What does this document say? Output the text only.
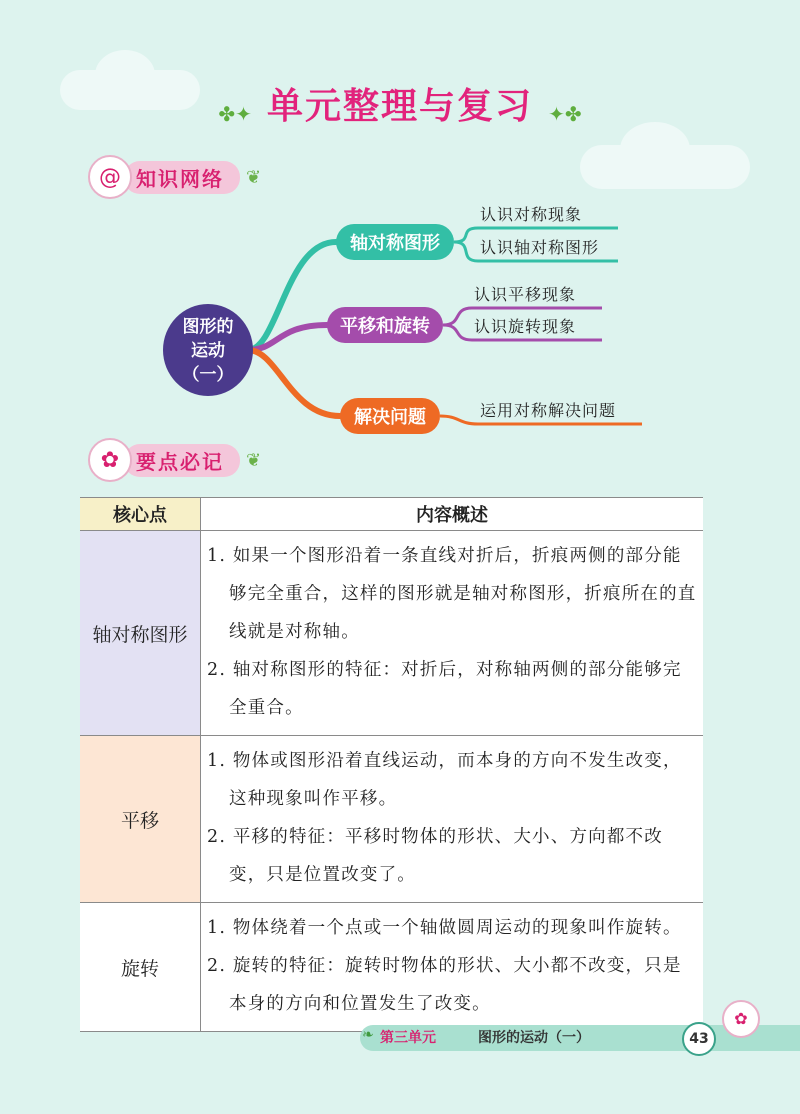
✤✦ 单元整理与复习 ✦✤
@ 知识网络	❦
图形的
运动
（一）
轴对称图形
认识对称现象
认识轴对称图形
平移和旋转
认识平移现象
认识旋转现象
解决问题	运用对称解决问题
✿ 要点必记	❦
核心点	内容概述
轴对称图形	1. 如果一个图形沿着一条直线对折后，折痕两侧的部分能够完全重合，这样的图形就是轴对称图形，折痕所在的直线就是对称轴。
2. 轴对称图形的特征：对折后，对称轴两侧的部分能够完全重合。

平移	1. 物体或图形沿着直线运动，而本身的方向不发生改变，这种现象叫作平移。
2. 平移的特征：平移时物体的形状、大小、方向都不改变，只是位置改变了。

旋转	1. 物体绕着一个点或一个轴做圆周运动的现象叫作旋转。
2. 旋转的特征：旋转时物体的形状、大小都不改变，只是本身的方向和位置发生了改变。
❧ 第三单元	图形的运动（一）	43
✿
